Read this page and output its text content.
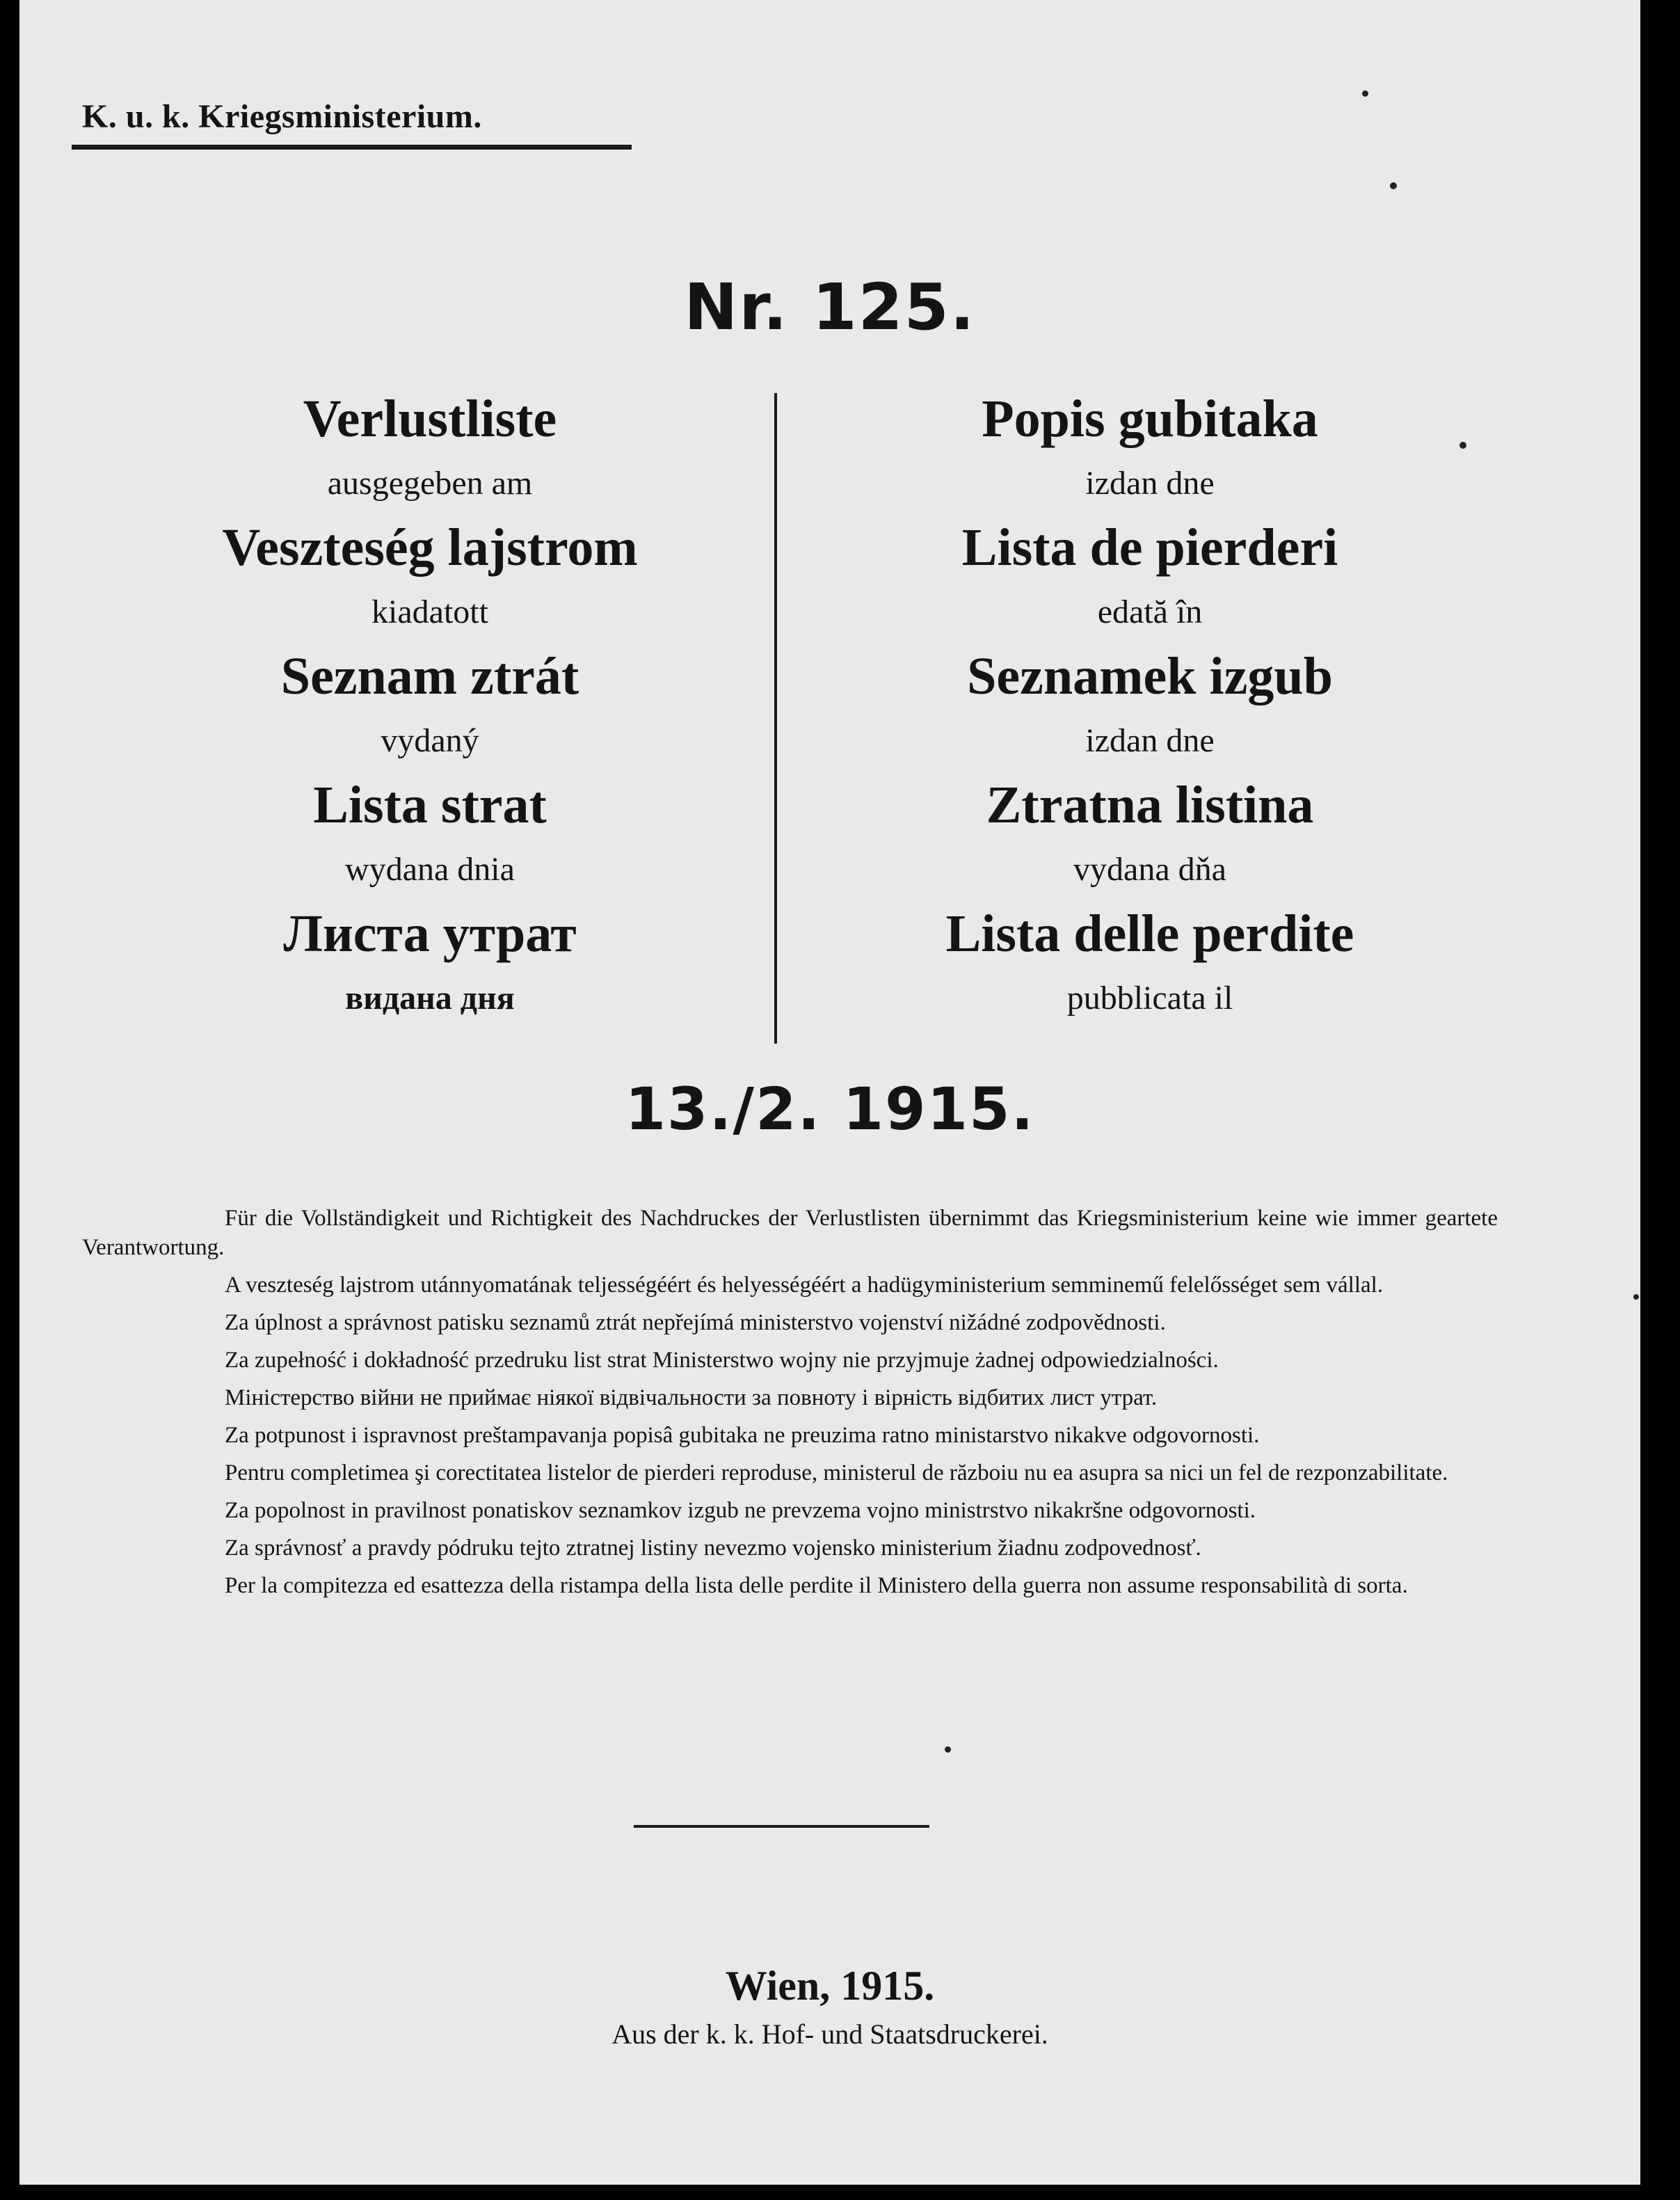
K. u. k. Kriegsministerium.
Nr. 125.
Verlustliste
ausgegeben am
Veszteség lajstrom
kiadatott
Seznam ztrát
vydaný
Lista strat
wydana dnia
Листа утрат
видана дня
Popis gubitaka
izdan dne
Lista de pierderi
edată în
Seznamek izgub
izdan dne
Ztratna listina
vydana dňa
Lista delle perdite
pubblicata il
13./2. 1915.

Für die Vollständigkeit und Richtigkeit des Nachdruckes der Verlustlisten übernimmt das Kriegsministerium keine wie immer geartete Verantwortung.

A veszteség lajstrom utánnyomatának teljességéért és helyességéért a hadügyministerium semminemű felelősséget sem vállal.

Za úplnost a správnost patisku seznamů ztrát nepřejímá ministerstvo vojenství nižádné zodpovědnosti.

Za zupełność i dokładność przedruku list strat Ministerstwo wojny nie przyjmuje żadnej odpowiedzialności.

Міністерство війни не приймає ніякої відвічальности за повноту і вірність відбитих лист утрат.

Za potpunost i ispravnost preštampavanja popisâ gubitaka ne preuzima ratno ministarstvo nikakve odgovornosti.

Pentru completimea şi corectitatea listelor de pierderi reproduse, ministerul de războiu nu ea asupra sa nici un fel de rezponzabilitate.

Za popolnost in pravilnost ponatiskov seznamkov izgub ne prevzema vojno ministrstvo nikakršne odgovornosti.

Za správnosť a pravdy pódruku tejto ztratnej listiny nevezmo vojensko ministerium žiadnu zodpovednosť.

Per la compitezza ed esattezza della ristampa della lista delle perdite il Ministero della guerra non assume responsabilità di sorta.

Wien, 1915.
Aus der k. k. Hof- und Staatsdruckerei.
